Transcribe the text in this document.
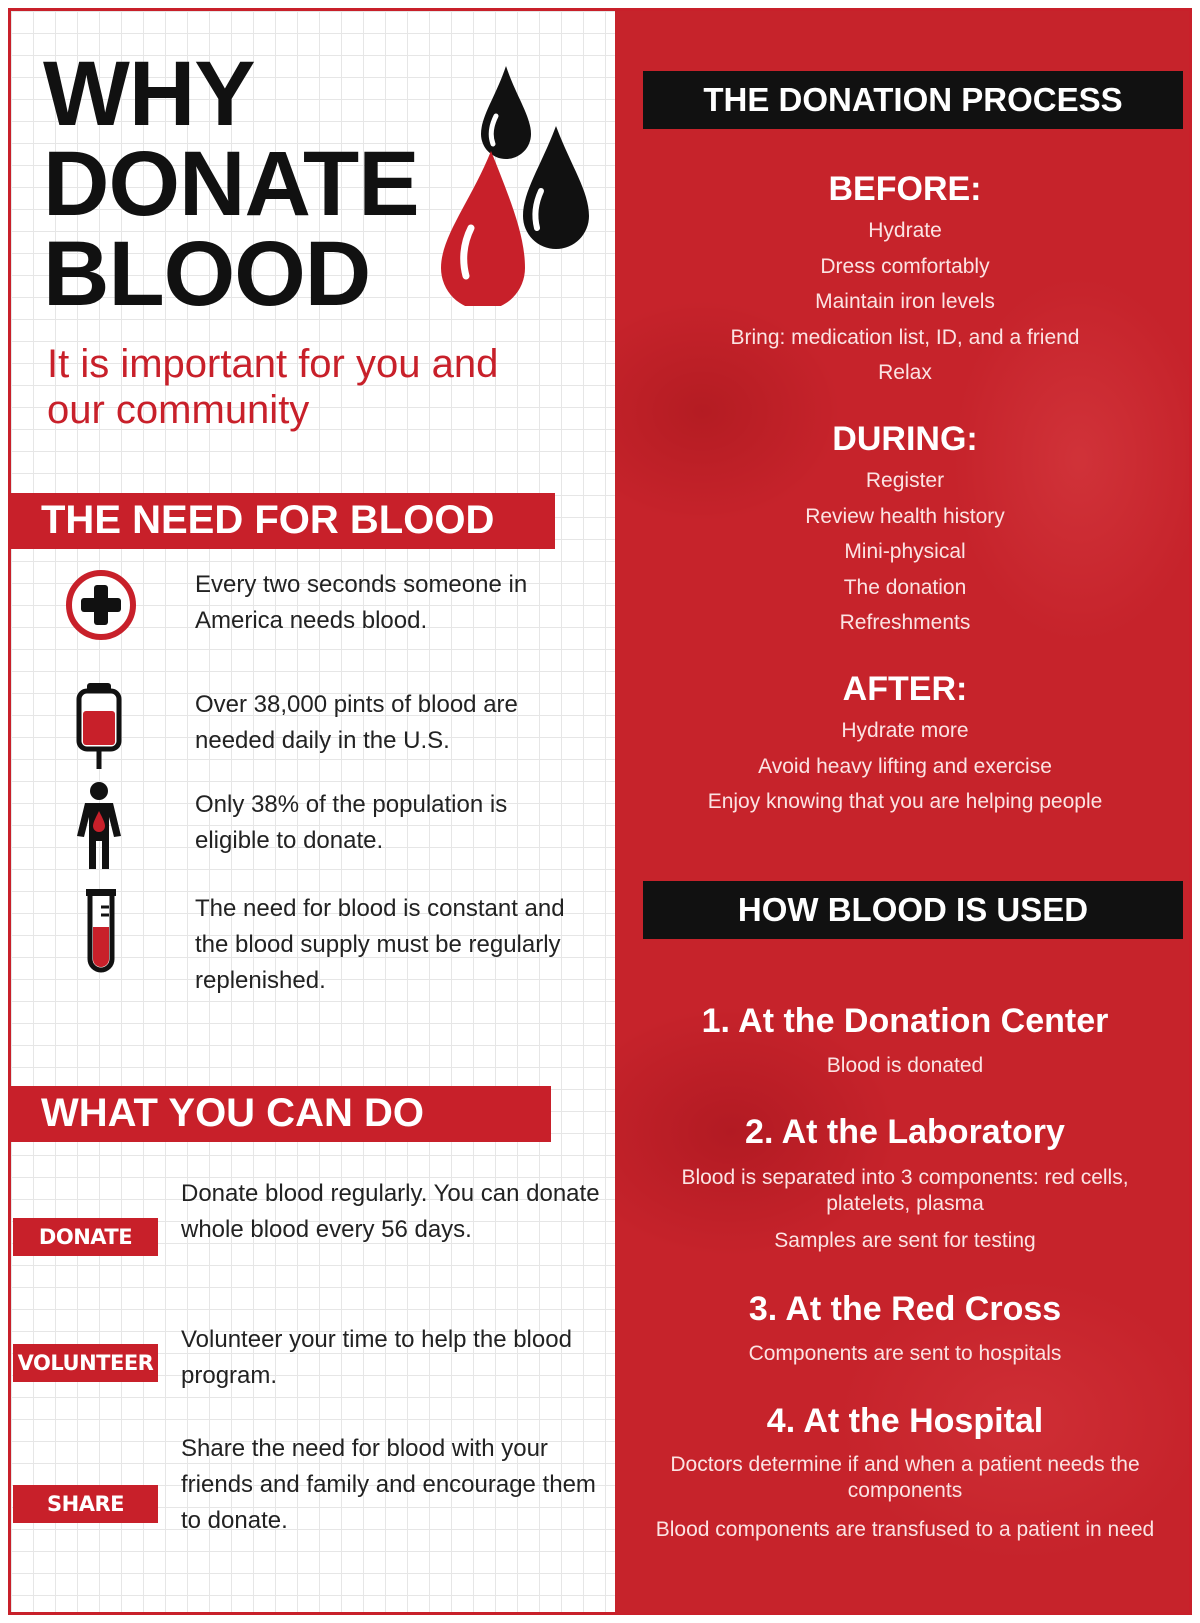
WHY
DONATE
BLOOD
It is important for you and our community
THE NEED FOR BLOOD
Every two seconds someone in America needs blood.
Over 38,000 pints of blood are needed daily in the U.S.
Only 38% of the population is eligible to donate.
The need for blood is constant and the blood supply must be regularly replenished.
WHAT YOU CAN DO
DONATE
Donate blood regularly. You can donate whole blood every 56 days.
VOLUNTEER
Volunteer your time to help the blood program.
SHARE
Share the need for blood with your friends and family and encourage them to donate.
THE DONATION PROCESS
BEFORE:
Hydrate
Dress comfortably
Maintain iron levels
Bring: medication list, ID, and a friend
Relax
DURING:
Register
Review health history
Mini-physical
The donation
Refreshments
AFTER:
Hydrate more
Avoid heavy lifting and exercise
Enjoy knowing that you are helping people
HOW BLOOD IS USED
1. At the Donation Center
Blood is donated
2. At the Laboratory
Blood is separated into 3 components: red cells, platelets, plasma
Samples are sent for testing
3. At the Red Cross
Components are sent to hospitals
4. At the Hospital
Doctors determine if and when a patient needs the components
Blood components are transfused to a patient in need
